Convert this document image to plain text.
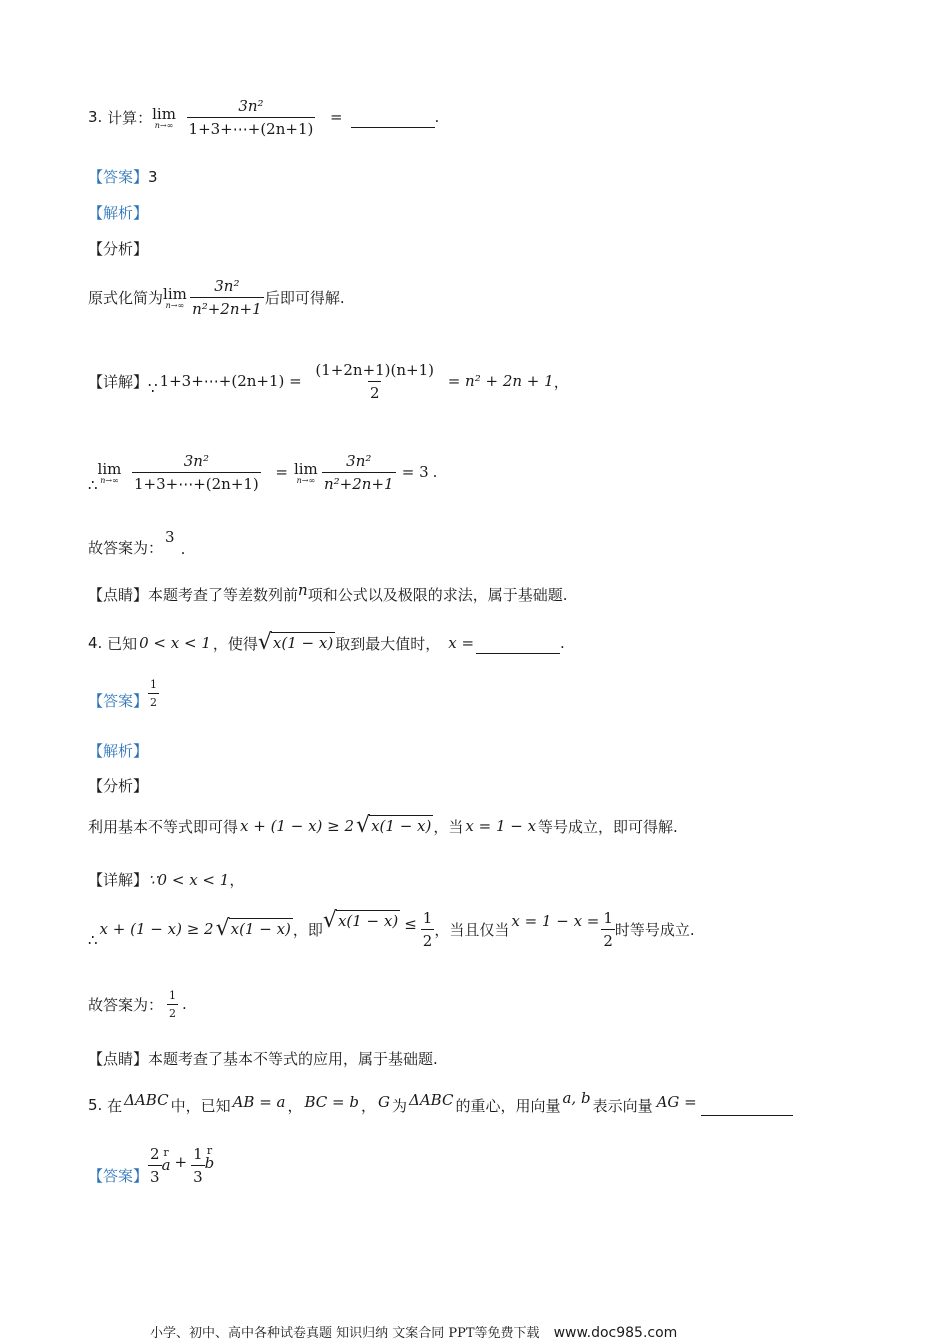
3.
计算： lim
$n\to\infty \frac{\text{3n²}}{1+3+\cdots+(2n+1)}$ =	.
【答案】3
【解析】
【分析】
原式化简为 lim
$n\to\infty \frac{\text{3n²}}{\text{n²+2n+1}}$ 后即可得解.
【详解】 ∵ 1+3+⋯+(2n+1) = $\frac{(1+2n+1)(n+1)}{2} = n^2 + 2n + 1$ ，
∴
lim
$n\to\infty \frac{\text{3n²}}{1+3+\cdots+(2n+1)} = \lim$
$n\to\infty \frac{\text{3n²}}{\text{n²+2n+1}} = 3$ .
故答案为：
3
.
【点睛】本题考查了等差数列前n项和公式以及极限的求法，属于基础题.
4.
已知 0 < x < 1 ，使得 √ x(1 − x) 取到最大值时， x =	.
【答案】 $\frac{1}{2}$
【解析】
【分析】
利用基本不等式即可得 x + (1 − x) ≥ 2 √ x(1 − x) ，当 x = 1 − x 等号成立，即可得解.
【详解】∵0 < x < 1，
∴
x + (1 − x) ≥ 2 √ x(1 − x) ，即 √ $x(1 - x) \le \frac{1}{2}$ ，当且仅当 $x = 1 - x = \frac{1}{2}$ 时等号成立.
故答案为： $\frac{1}{2}$ .
【点睛】本题考查了基本不等式的应用，属于基础题.
5.
在 ΔABC 中，已知 AB = a ， BC = b ， G 为 ΔABC 的重心，用向量 a, b 表示向量 AG =
【答案】 $\frac{2}{3}$ r
$a + \frac{1}{3}$ r
b
小学、初中、高中各种试卷真题 知识归纳 文案合同 PPT等免费下载 www.doc985.com
